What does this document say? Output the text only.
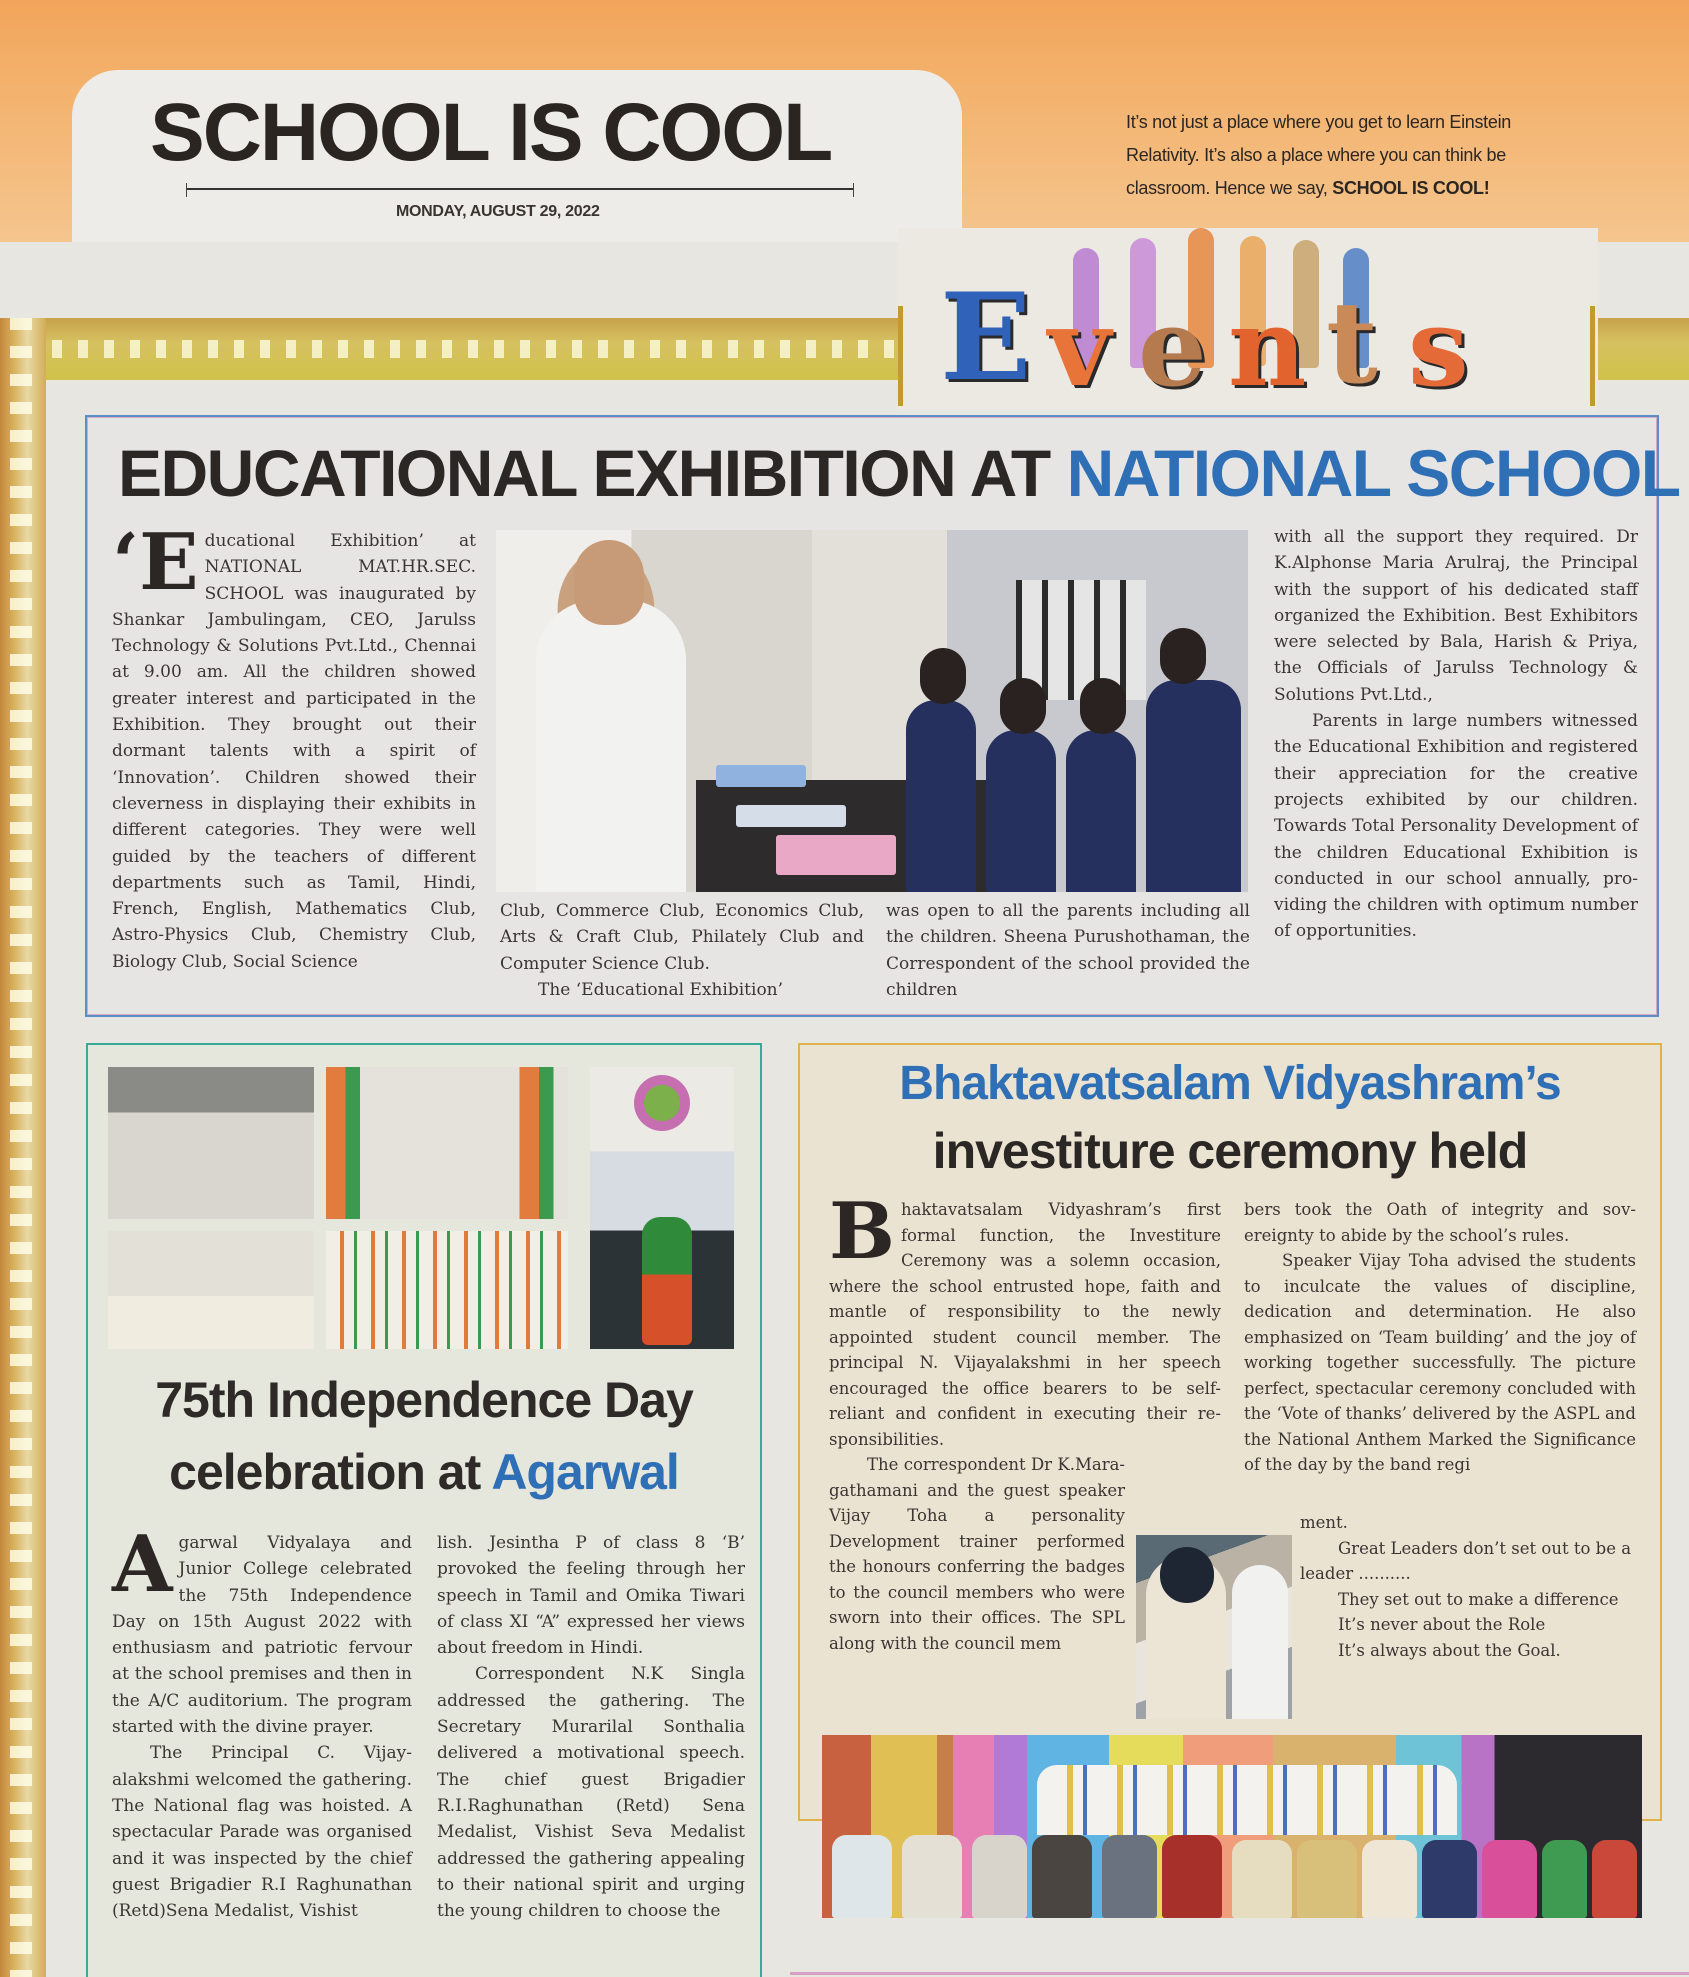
SCHOOL IS COOL
MONDAY, AUGUST 29, 2022
It’s not just a place where you get to learn Einstein
Relativity. It’s also a place where you can think be
classroom. Hence we say, SCHOOL IS COOL!
E v e n t s
EDUCATIONAL EXHIBITION AT NATIONAL SCHOOL

‘Educational Exhibition’ at NATIONAL MAT.HR.SEC. SCHOOL was inaugurated by Shankar Jambulingam, CEO, Jarulss Technology & Solutions Pvt.Ltd., Chennai at 9.00 am. All the children showed greater interest and participated in the Exhibition. They brought out their dormant talents with a spirit of ‘Innovation’. Children showed their cleverness in displaying their exhibits in different categories. They were well guided by the teachers of different departments such as Tamil, Hindi, French, English, Mathematics Club, Astro-Physics Club, Chemistry Club, Biology Club, Social Science

Club, Commerce Club, Economics Club, Arts & Craft Club, Philately Club and Computer Science Club.

The ‘Educational Exhibition’

was open to all the parents including all the children. Sheena Purushothaman, the Correspondent of the school provided the children

with all the support they required. Dr K.Alphonse Maria Arulraj, the Principal with the support of his dedicated staff organized the Exhibition. Best Exhibitors were selected by Bala, Harish & Priya, the Officials of Jarulss Technology & Solutions Pvt.Ltd.,

Parents in large numbers witnessed the Educational Exhibition and registered their appreciation for the creative projects exhibited by our children. Towards Total Personality Development of the children Educational Exhibition is conducted in our school annually, providing the children with optimum number of opportunities.

75th Independence Day
celebration at Agarwal

Agarwal Vidyalaya and Junior College celebrated the 75th Independence Day on 15th August 2022 with enthusiasm and patriotic fervour at the school premises and then in the A/C auditorium. The program started with the divine prayer.

The Principal C. Vijayalakshmi welcomed the gathering. The National flag was hoisted. A spectacular Parade was organised and it was inspected by the chief guest Brigadier R.I Raghunathan (Retd)Sena Medalist, Vishist

lish. Jesintha P of class 8 ‘B’ provoked the feeling through her speech in Tamil and Omika Tiwari of class XI “A” expressed her views about freedom in Hindi.

Correspondent N.K Singla addressed the gathering. The Secretary Murarilal Sonthalia delivered a motivational speech. The chief guest Brigadier R.I.Raghunathan (Retd) Sena Medalist, Vishist Seva Medalist addressed the gathering appealing to their national spirit and urging the young children to choose the

Bhaktavatsalam Vidyashram’s
investiture ceremony held

Bhaktavatsalam Vidyashram’s first formal function, the Investiture Ceremony was a solemn occasion, where the school entrusted hope, faith and mantle of responsibility to the newly appointed student council member. The principal N. Vijayalakshmi in her speech encouraged the office bearers to be self-reliant and confident in executing their responsibilities.

The correspondent Dr K.Maragathamani and the guest speaker Vijay Toha a personality Development trainer performed the honours conferring the badges to the council members who were sworn into their offices. The SPL along with the council mem

bers took the Oath of integrity and sovereignty to abide by the school’s rules.

Speaker Vijay Toha advised the students to inculcate the values of discipline, dedication and determination. He also emphasized on ‘Team building’ and the joy of working together successfully. The picture perfect, spectacular ceremony concluded with the ‘Vote of thanks’ delivered by the ASPL and the National Anthem Marked the Significance of the day by the band regi

ment.

Great Leaders don’t set out to be a leader ..........

They set out to make a difference

It’s never about the Role

It’s always about the Goal.
